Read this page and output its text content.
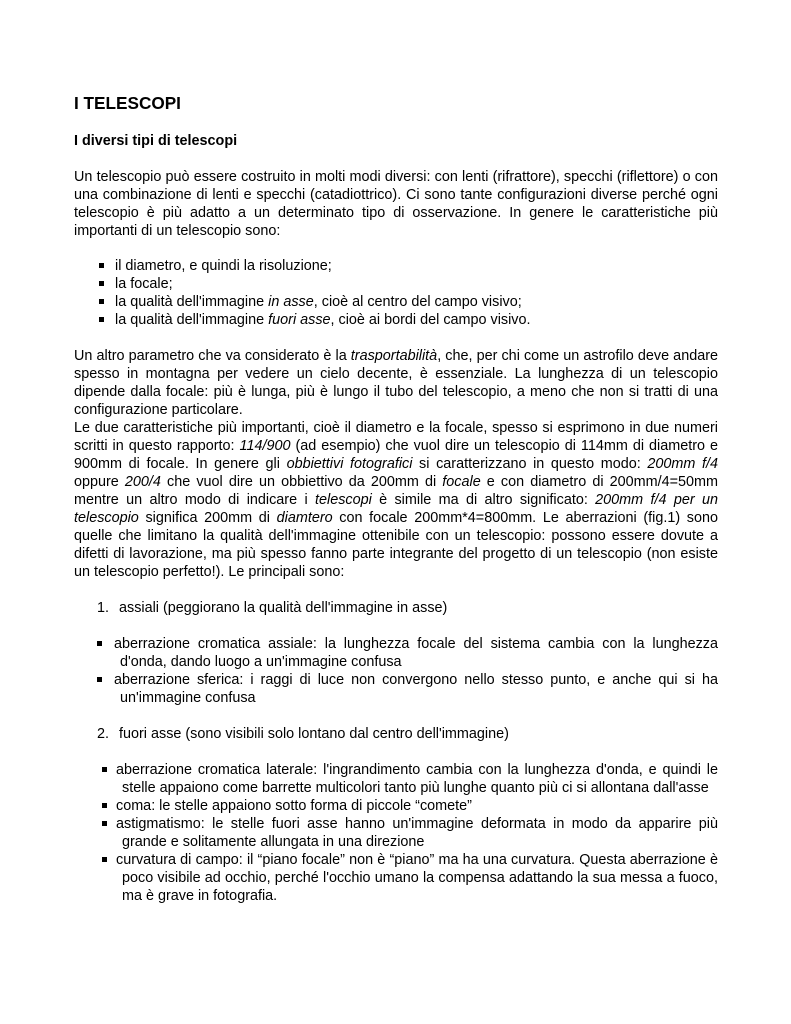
I TELESCOPI
I diversi tipi di telescopi

Un telescopio può essere costruito in molti modi diversi: con lenti (rifrattore), specchi (riflettore) o con una combinazione di lenti e specchi (catadiottrico). Ci sono tante configurazioni diverse perché ogni telescopio è più adatto a un determinato tipo di osservazione. In genere le caratteristiche più importanti di un telescopio sono:

il diametro, e quindi la risoluzione;
la focale;
la qualità dell'immagine in asse, cioè al centro del campo visivo;
la qualità dell'immagine fuori asse, cioè ai bordi del campo visivo.

Un altro parametro che va considerato è la trasportabilità, che, per chi come un astrofilo deve andare spesso in montagna per vedere un cielo decente, è essenziale. La lunghezza di un telescopio dipende dalla focale: più è lunga, più è lungo il tubo del telescopio, a meno che non si tratti di una configurazione particolare.

Le due caratteristiche più importanti, cioè il diametro e la focale, spesso si esprimono in due numeri scritti in questo rapporto: 114/900 (ad esempio) che vuol dire un telescopio di 114mm di diametro e 900mm di focale. In genere gli obbiettivi fotografici si caratterizzano in questo modo: 200mm f/4 oppure 200/4 che vuol dire un obbiettivo da 200mm di focale e con diametro di 200mm/4=50mm mentre un altro modo di indicare i telescopi è simile ma di altro significato: 200mm f/4 per un telescopio significa 200mm di diamtero con focale 200mm*4=800mm. Le aberrazioni (fig.1) sono quelle che limitano la qualità dell'immagine ottenibile con un telescopio: possono essere dovute a difetti di lavorazione, ma più spesso fanno parte integrante del progetto di un telescopio (non esiste un telescopio perfetto!). Le principali sono:

1. assiali (peggiorano la qualità dell'immagine in asse)
aberrazione cromatica assiale: la lunghezza focale del sistema cambia con la lunghezza d'onda, dando luogo a un'immagine confusa
aberrazione sferica: i raggi di luce non convergono nello stesso punto, e anche qui si ha un'immagine confusa
2. fuori asse (sono visibili solo lontano dal centro dell'immagine)
aberrazione cromatica laterale: l'ingrandimento cambia con la lunghezza d'onda, e quindi le stelle appaiono come barrette multicolori tanto più lunghe quanto più ci si allontana dall'asse
coma: le stelle appaiono sotto forma di piccole “comete”
astigmatismo: le stelle fuori asse hanno un'immagine deformata in modo da apparire più grande e solitamente allungata in una direzione
curvatura di campo: il “piano focale” non è “piano” ma ha una curvatura. Questa aberrazione è poco visibile ad occhio, perché l'occhio umano la compensa adattando la sua messa a fuoco, ma è grave in fotografia.
